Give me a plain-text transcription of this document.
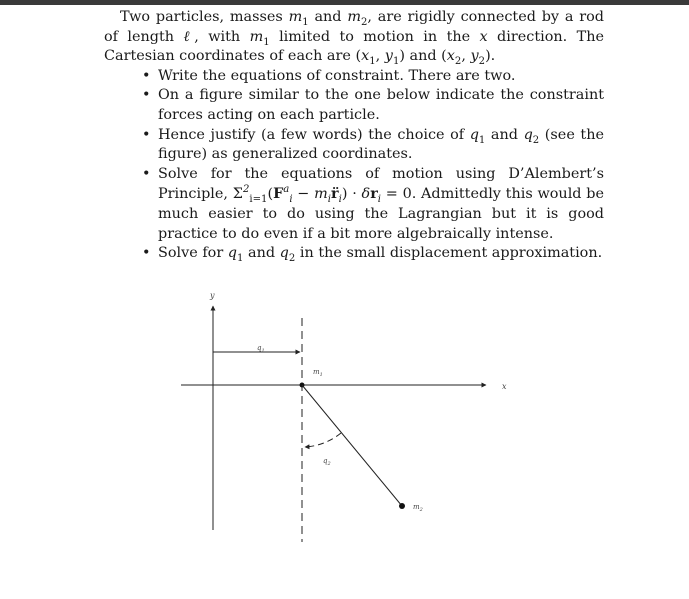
Two particles, masses $m_1$ and $m_2$, are rigidly connected by a rod of length ℓ, with $m_1$ limited to motion in the x direction. The Cartesian coordinates of each are ($x_1$, $y_1$) and ($x_2$, $y_2$).

• Write the equations of constraint. There are two.
• On a figure similar to the one below indicate the constraint forces acting on each particle.
• Hence justify (a few words) the choice of $q_1$ and $q_2$ (see the figure) as generalized coordinates.
• Solve for the equations of motion using D’Alembert’s Principle, $\Sigma^2_{i=1}(F^a_i$ − $m_ir̈_i) \cdot \delta r_i = 0$. Admittedly this would be much easier to do using the Lagrangian but it is good practice to do even if a bit more algebraically intense.
• Solve for $q_1$ and $q_2$ in the small displacement approximation.
y
x
$q_1$
$m_1$
$m_2$
$q_2$
